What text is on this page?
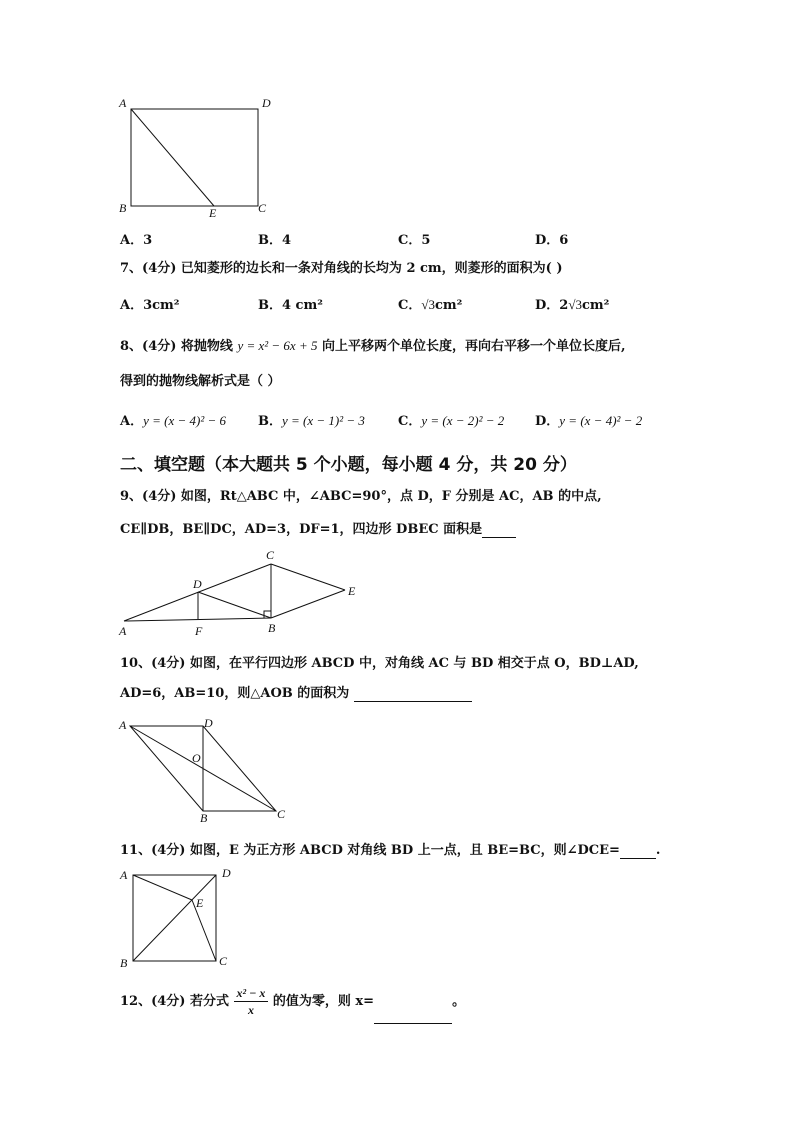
A	D
B	E	C
A．3	B．4	C．5	D．6
7、(4分) 已知菱形的边长和一条对角线的长均为 2 cm，则菱形的面积为( )
A．3cm²	B．4 cm²	C．√3cm²	D．2√3cm²
8、(4分) 将抛物线 y = x² − 6x + 5 向上平移两个单位长度，再向右平移一个单位长度后,
得到的抛物线解析式是（ ）
A．y = (x − 4)² − 6 B．y = (x − 1)² − 3	C．y = (x − 2)² − 2 D．y = (x − 4)² − 2
二、填空题（本大题共 5 个小题，每小题 4 分，共 20 分）
9、(4分) 如图，Rt△ABC 中，∠ABC=90°，点 D，F 分别是 AC，AB 的中点,
CE∥DB，BE∥DC，AD=3，DF=1，四边形 DBEC 面积是
C
D	E
A	F	B
10、(4分) 如图，在平行四边形 ABCD 中，对角线 AC 与 BD 相交于点 O，BD⊥AD,
AD=6，AB=10，则△AOB 的面积为
A	D
O
B	C
11、(4分) 如图，E 为正方形 ABCD 对角线 BD 上一点，且 BE=BC，则∠DCE=	.
A	D
E
B	C
12、(4分) 若分式 $\frac{\text{x² − x}}{x}$ 的值为零，则 x=	。
